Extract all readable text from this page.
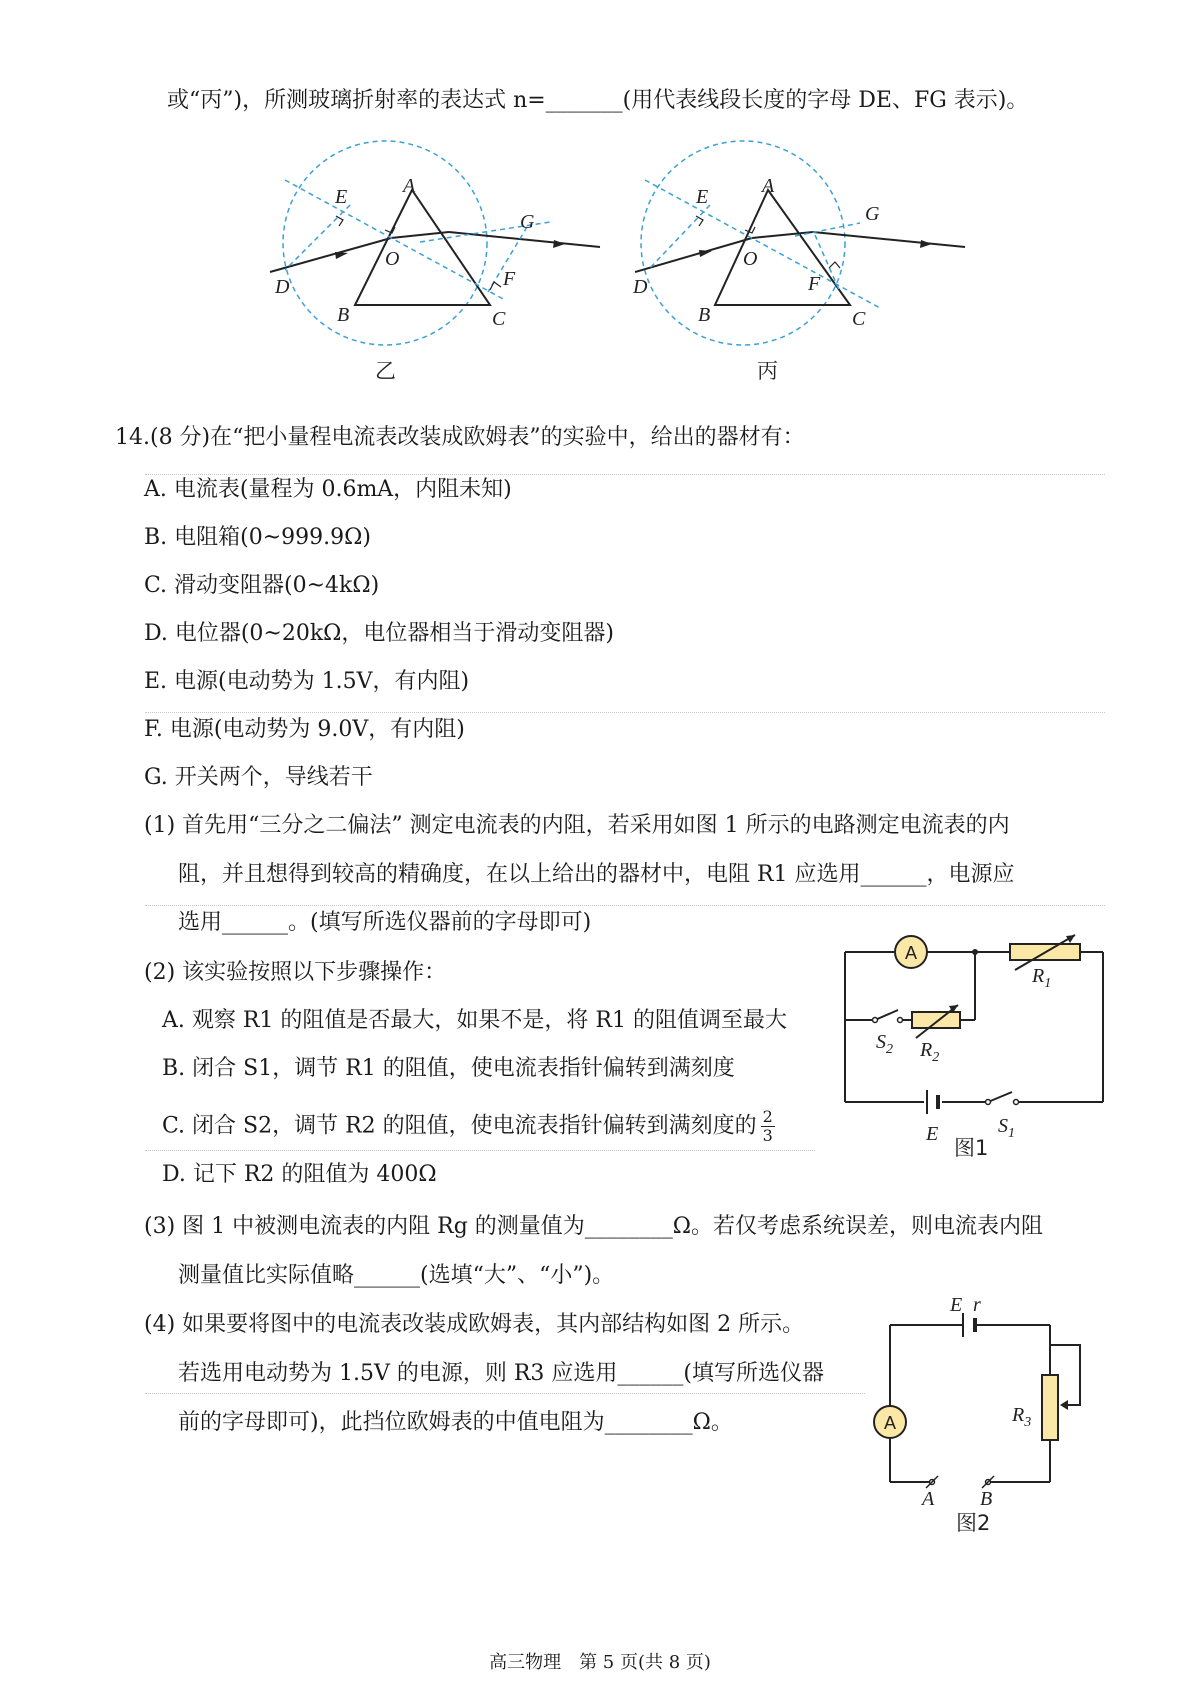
或“丙”)，所测玻璃折射率的表达式 n=_______(用代表线段长度的字母 DE、FG 表示)。
E	A
G
O
D	F
B	C
乙
E	A
G
O
D	F
B	C
丙
14.(8 分)在“把小量程电流表改装成欧姆表”的实验中，给出的器材有：
A. 电流表(量程为 0.6mA，内阻未知)
B. 电阻箱(0~999.9Ω)
C. 滑动变阻器(0~4kΩ)
D. 电位器(0~20kΩ，电位器相当于滑动变阻器)
E. 电源(电动势为 1.5V，有内阻)
F. 电源(电动势为 9.0V，有内阻)
G. 开关两个，导线若干
(1) 首先用“三分之二偏法” 测定电流表的内阻，若采用如图 1 所示的电路测定电流表的内
阻，并且想得到较高的精确度，在以上给出的器材中，电阻 R1 应选用______，电源应
选用______。(填写所选仪器前的字母即可)
(2) 该实验按照以下步骤操作：
A. 观察 R1 的阻值是否最大，如果不是，将 R1 的阻值调至最大
B. 闭合 S1，调节 R1 的阻值，使电流表指针偏转到满刻度
C. 闭合 S2，调节 R2 的阻值，使电流表指针偏转到满刻度的 $\frac{2}{3}$
D. 记下 R2 的阻值为 400Ω
(3) 图 1 中被测电流表的内阻 Rg 的测量值为________Ω。若仅考虑系统误差，则电流表内阻
测量值比实际值略______(选填“大”、“小”)。
(4) 如果要将图中的电流表改装成欧姆表，其内部结构如图 2 所示。
若选用电动势为 1.5V 的电源，则 R3 应选用______(填写所选仪器
前的字母即可)，此挡位欧姆表的中值电阻为________Ω。
A
$R_1$
$S_2$ $R_2$
E	$S_1$
图1
E r
A	$R_3$
A B
图2
高三物理　第 5 页(共 8 页)
